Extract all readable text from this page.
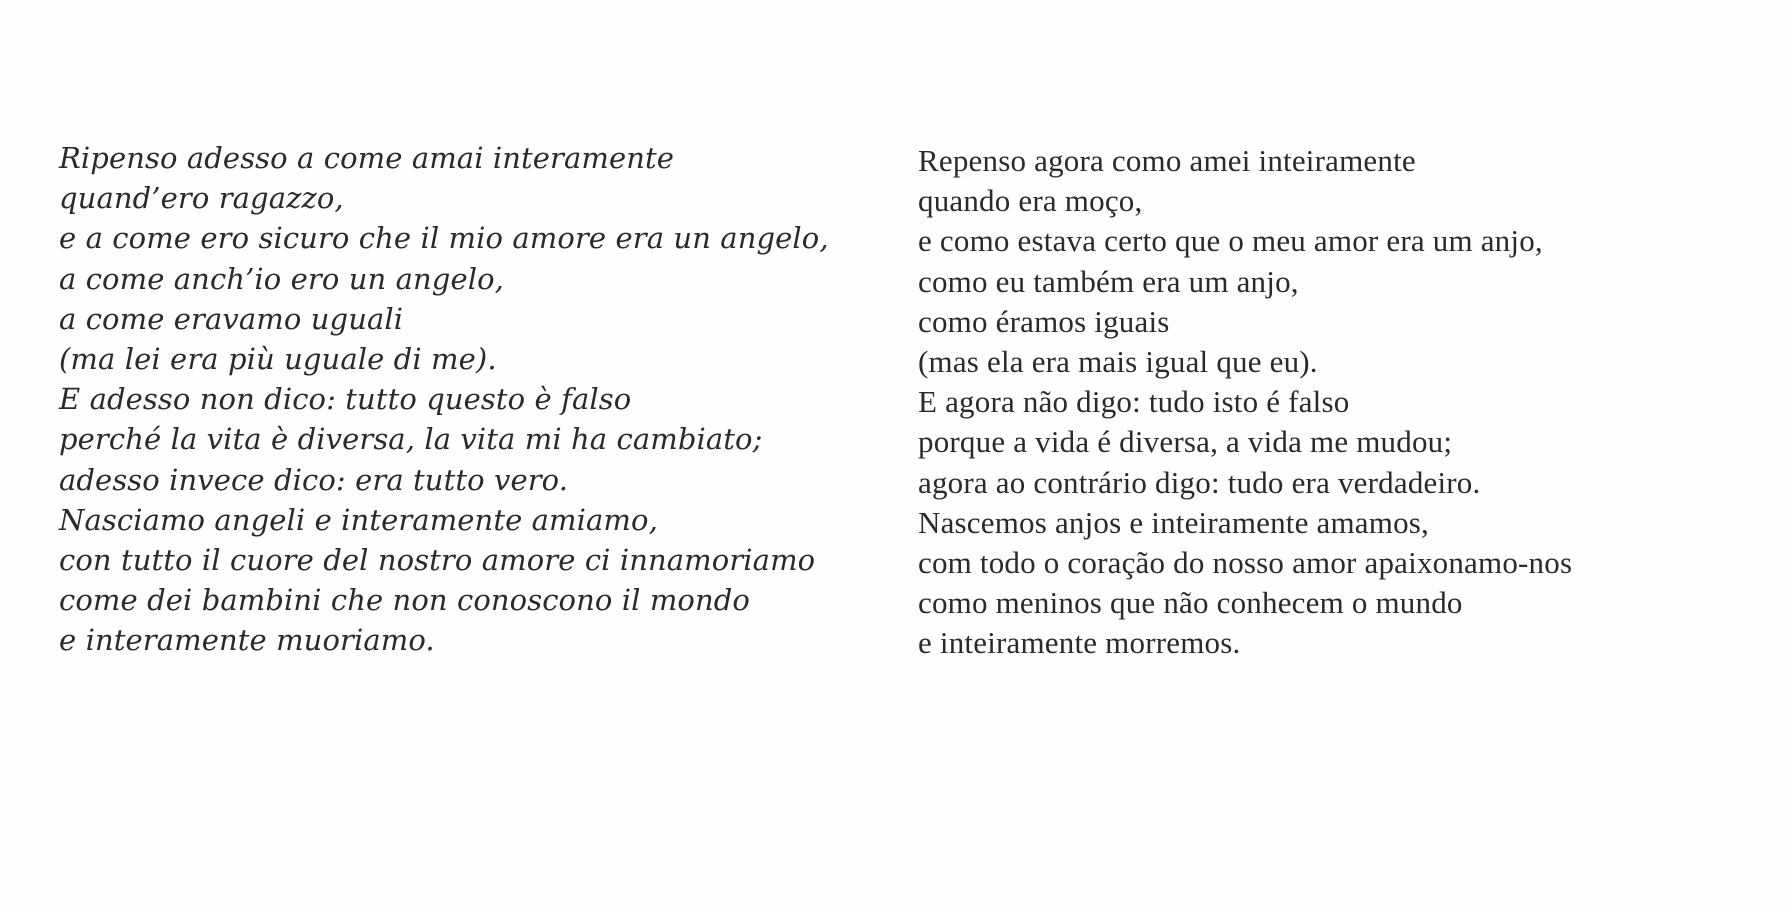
Ripenso adesso a come amai interamente
quand’ero ragazzo,
e a come ero sicuro che il mio amore era un angelo,
a come anch’io ero un angelo,
a come eravamo uguali
(ma lei era più uguale di me).
E adesso non dico: tutto questo è falso
perché la vita è diversa, la vita mi ha cambiato;
adesso invece dico: era tutto vero.
Nasciamo angeli e interamente amiamo,
con tutto il cuore del nostro amore ci innamoriamo
come dei bambini che non conoscono il mondo
e interamente muoriamo.
Repenso agora como amei inteiramente
quando era moço,
e como estava certo que o meu amor era um anjo,
como eu também era um anjo,
como éramos iguais
(mas ela era mais igual que eu).
E agora não digo: tudo isto é falso
porque a vida é diversa, a vida me mudou;
agora ao contrário digo: tudo era verdadeiro.
Nascemos anjos e inteiramente amamos,
com todo o coração do nosso amor apaixonamo-nos
como meninos que não conhecem o mundo
e inteiramente morremos.
